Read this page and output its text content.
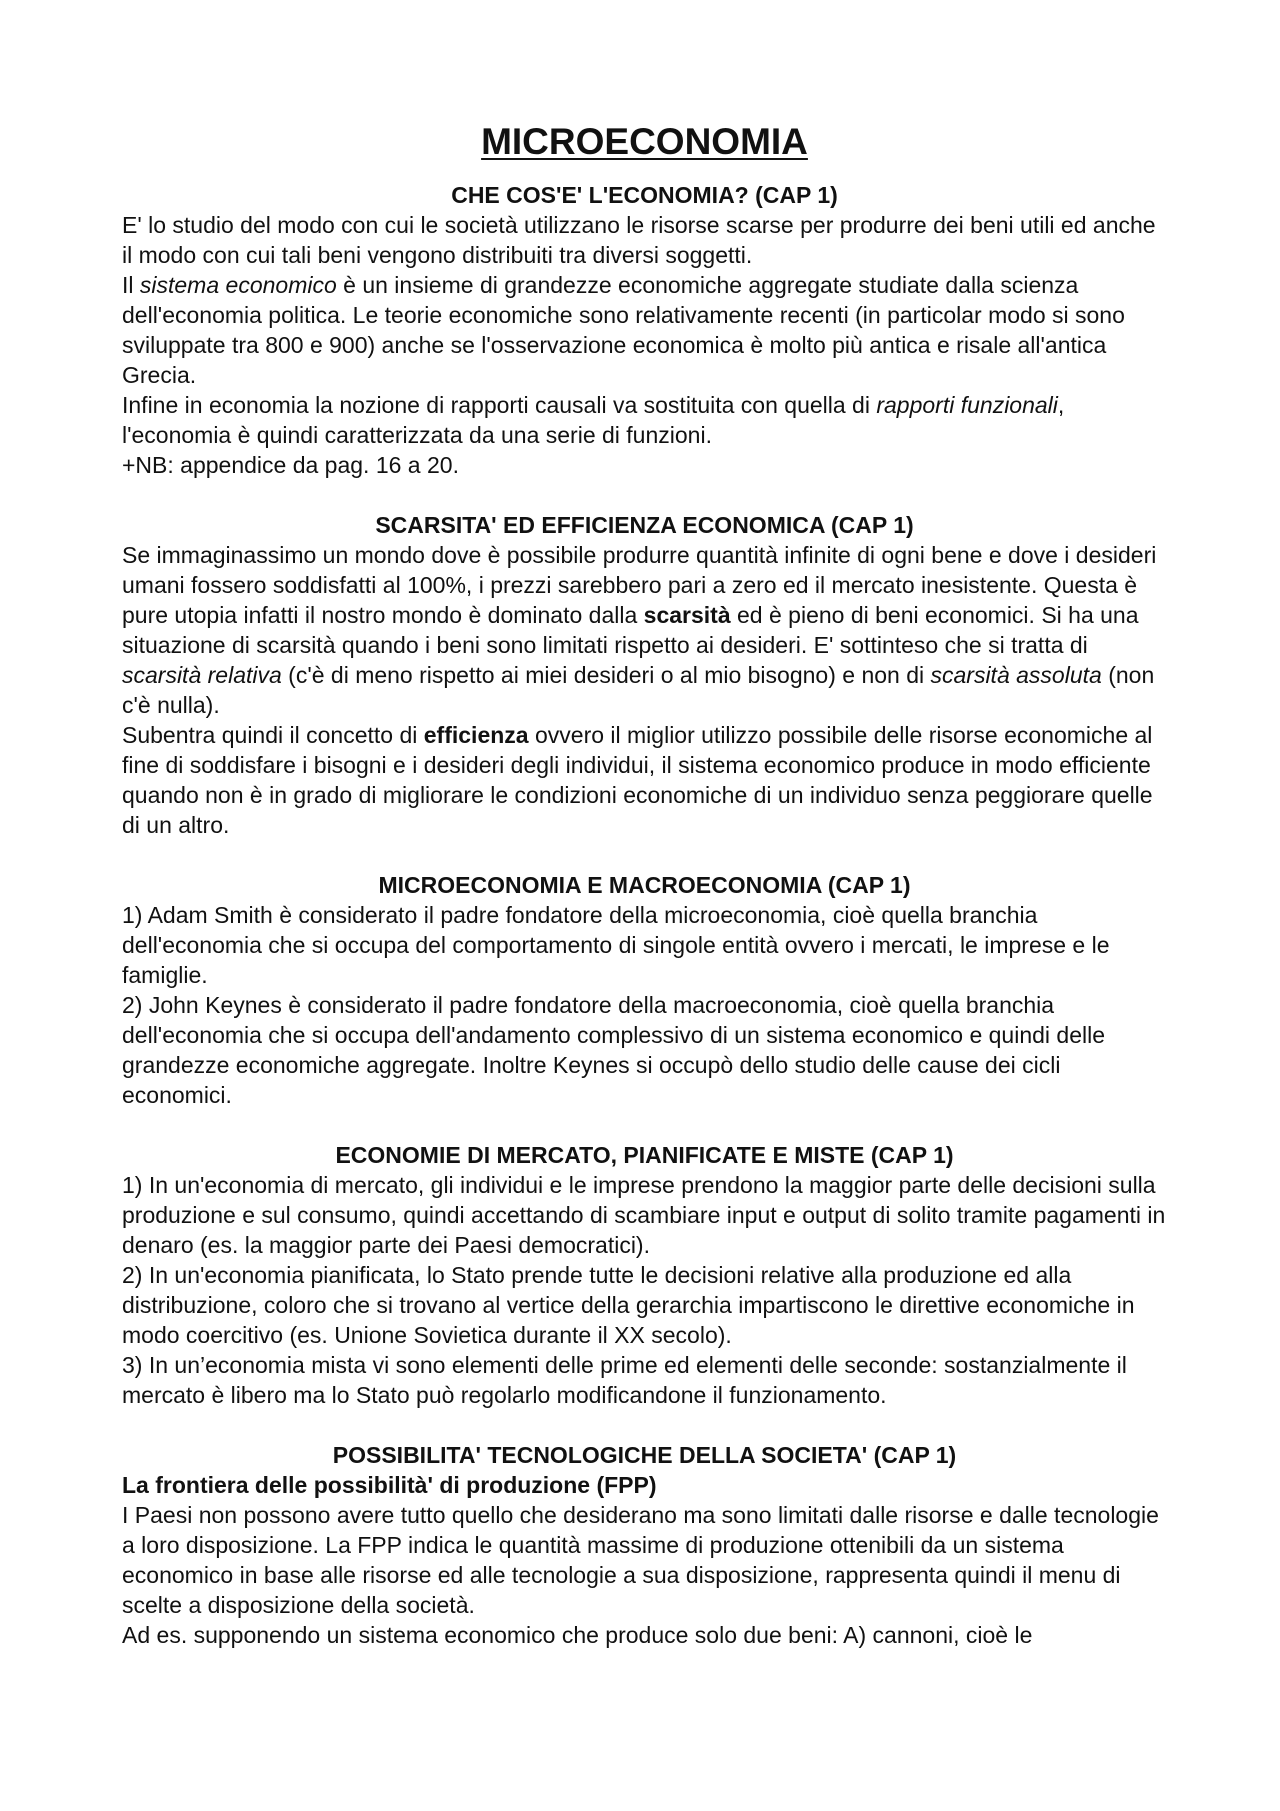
MICROECONOMIA
CHE COS'E' L'ECONOMIA? (CAP 1)

E' lo studio del modo con cui le società utilizzano le risorse scarse per produrre dei beni utili ed anche il modo con cui tali beni vengono distribuiti tra diversi soggetti.

Il sistema economico è un insieme di grandezze economiche aggregate studiate dalla scienza dell'economia politica. Le teorie economiche sono relativamente recenti (in particolar modo si sono sviluppate tra 800 e 900) anche se l'osservazione economica è molto più antica e risale all'antica Grecia.

Infine in economia la nozione di rapporti causali va sostituita con quella di rapporti funzionali, l'economia è quindi caratterizzata da una serie di funzioni.

+NB: appendice da pag. 16 a 20.

SCARSITA' ED EFFICIENZA ECONOMICA (CAP 1)

Se immaginassimo un mondo dove è possibile produrre quantità infinite di ogni bene e dove i desideri umani fossero soddisfatti al 100%, i prezzi sarebbero pari a zero ed il mercato inesistente. Questa è pure utopia infatti il nostro mondo è dominato dalla scarsità ed è pieno di beni economici. Si ha una situazione di scarsità quando i beni sono limitati rispetto ai desideri. E' sottinteso che si tratta di scarsità relativa (c'è di meno rispetto ai miei desideri o al mio bisogno) e non di scarsità assoluta (non c'è nulla).

Subentra quindi il concetto di efficienza ovvero il miglior utilizzo possibile delle risorse economiche al fine di soddisfare i bisogni e i desideri degli individui, il sistema economico produce in modo efficiente quando non è in grado di migliorare le condizioni economiche di un individuo senza peggiorare quelle di un altro.

MICROECONOMIA E MACROECONOMIA (CAP 1)

1) Adam Smith è considerato il padre fondatore della microeconomia, cioè quella branchia dell'economia che si occupa del comportamento di singole entità ovvero i mercati, le imprese e le famiglie.

2) John Keynes è considerato il padre fondatore della macroeconomia, cioè quella branchia dell'economia che si occupa dell'andamento complessivo di un sistema economico e quindi delle grandezze economiche aggregate. Inoltre Keynes si occupò dello studio delle cause dei cicli economici.

ECONOMIE DI MERCATO, PIANIFICATE E MISTE (CAP 1)

1) In un'economia di mercato, gli individui e le imprese prendono la maggior parte delle decisioni sulla produzione e sul consumo, quindi accettando di scambiare input e output di solito tramite pagamenti in denaro (es. la maggior parte dei Paesi democratici).

2) In un'economia pianificata, lo Stato prende tutte le decisioni relative alla produzione ed alla distribuzione, coloro che si trovano al vertice della gerarchia impartiscono le direttive economiche in modo coercitivo (es. Unione Sovietica durante il XX secolo).

3) In un’economia mista vi sono elementi delle prime ed elementi delle seconde: sostanzialmente il mercato è libero ma lo Stato può regolarlo modificandone il funzionamento.

POSSIBILITA' TECNOLOGICHE DELLA SOCIETA' (CAP 1)
La frontiera delle possibilità' di produzione (FPP)

I Paesi non possono avere tutto quello che desiderano ma sono limitati dalle risorse e dalle tecnologie a loro disposizione. La FPP indica le quantità massime di produzione ottenibili da un sistema economico in base alle risorse ed alle tecnologie a sua disposizione, rappresenta quindi il menu di scelte a disposizione della società.

Ad es. supponendo un sistema economico che produce solo due beni: A) cannoni, cioè le
